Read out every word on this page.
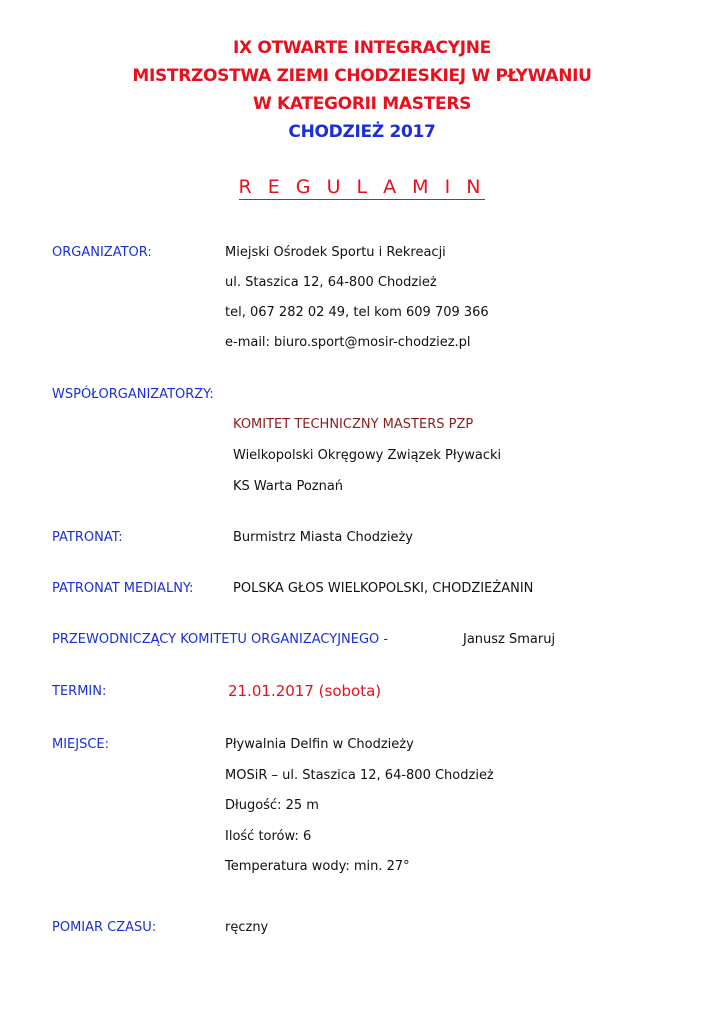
IX OTWARTE INTEGRACYJNE
MISTRZOSTWA ZIEMI CHODZIESKIEJ W PŁYWANIU
W KATEGORII MASTERS
CHODZIEŻ 2017
R E G U L A M I N
ORGANIZATOR:	Miejski Ośrodek Sportu i Rekreacji
ul. Staszica 12, 64-800 Chodzież
tel, 067 282 02 49, tel kom 609 709 366
e-mail: biuro.sport@mosir-chodziez.pl
WSPÓŁORGANIZATORZY:
KOMITET TECHNICZNY MASTERS PZP
Wielkopolski Okręgowy Związek Pływacki
KS Warta Poznań
PATRONAT:	Burmistrz Miasta Chodzieży
PATRONAT MEDIALNY:	POLSKA GŁOS WIELKOPOLSKI, CHODZIEŻANIN
PRZEWODNICZĄCY KOMITETU ORGANIZACYJNEGO -	Janusz Smaruj
TERMIN:	21.01.2017 (sobota)
MIEJSCE:	Pływalnia Delfin w Chodzieży
MOSiR – ul. Staszica 12, 64-800 Chodzież
Długość: 25 m
Ilość torów: 6
Temperatura wody: min. 27°
POMIAR CZASU:	ręczny
